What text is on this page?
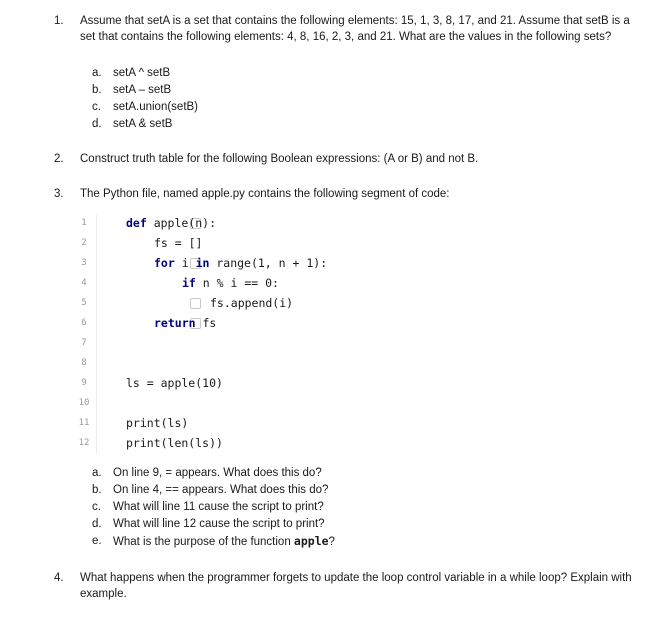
1. Assume that setA is a set that contains the following elements: 15, 1, 3, 8, 17, and 21. Assume that setB is a set that contains the following elements: 4, 8, 16, 2, 3, and 21. What are the values in the following sets?
a. setA ^ setB
b. setA – setB
c.	setA.union(setB)
d. setA & setB
2. Construct truth table for the following Boolean expressions: (A or B) and not B.
3. The Python file, named apple.py contains the following segment of code:
1	def apple(n):
2	fs = []
3	for i in range(1, n + 1):
4	if n % i == 0:
5	fs.append(i)
6	return fs
7
8
9	ls = apple(10)
10
11	print(ls)
12	print(len(ls))
a. On line 9, = appears. What does this do?
b. On line 4, == appears. What does this do?
c.	What will line 11 cause the script to print?
d. What will line 12 cause the script to print?
e. What is the purpose of the function apple?
4. What happens when the programmer forgets to update the loop control variable in a while loop? Explain with example.
